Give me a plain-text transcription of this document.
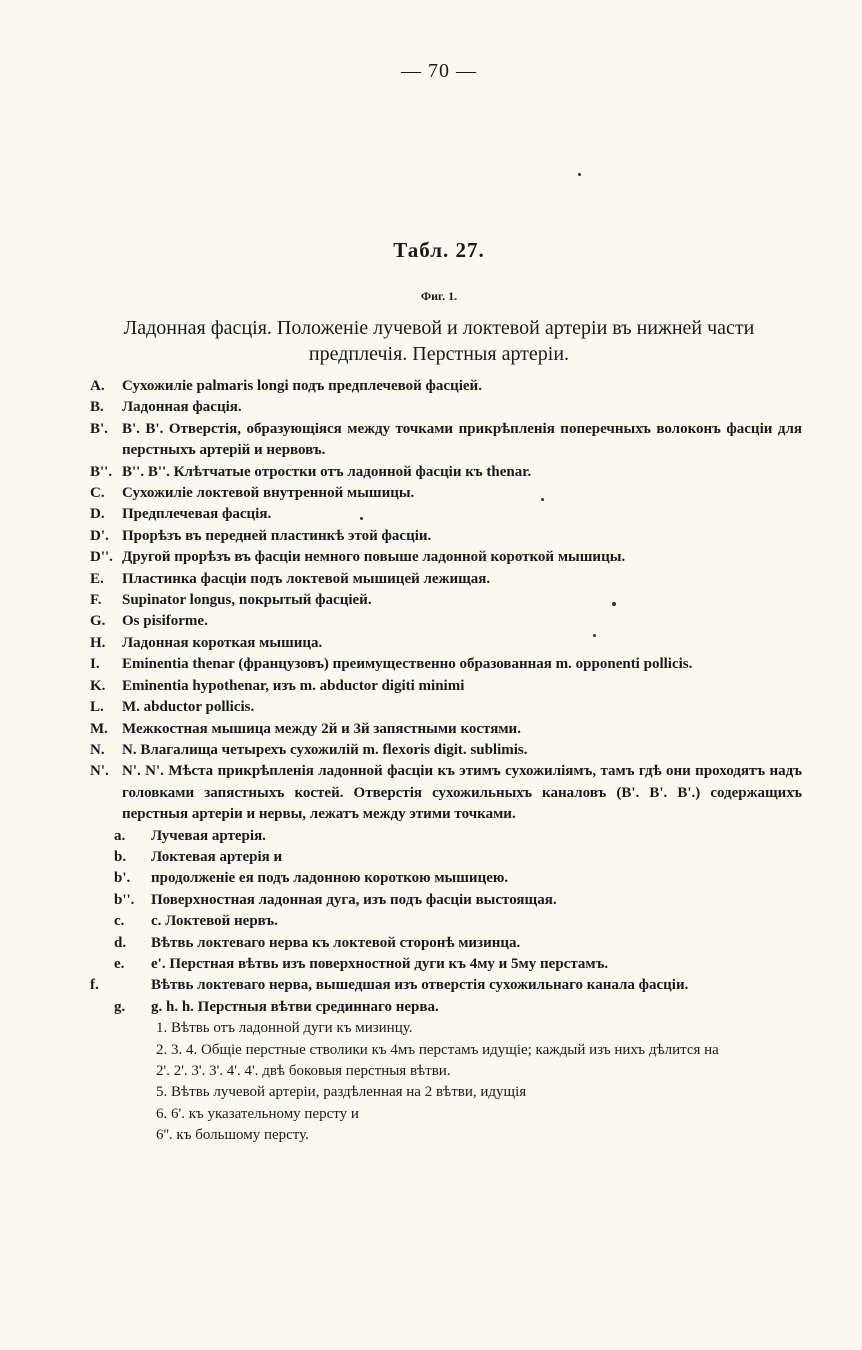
— 70 —
Табл. 27.
Фиг. 1.
Ладонная фасція. Положеніе лучевой и локтевой артеріи въ нижней части предплечія. Перстныя артеріи.
A. Сухожиліе palmaris longi подъ предплечевой фасціей.
B. Ладонная фасція.
B'. B'. B'. Отверстія, образующіяся между точками прикрѣпленія поперечныхъ волоконъ фасціи для перстныхъ артерій и нервовъ.
B''. B''. B''. Клѣтчатые отростки отъ ладонной фасціи къ thenar.
C. Сухожиліе локтевой внутренной мышицы.
D. Предплечевая фасція.
D'. Прорѣзъ въ передней пластинкѣ этой фасціи.
D''. Другой прорѣзъ въ фасціи немного повыше ладонной короткой мышицы.
E. Пластинка фасціи подъ локтевой мышицей лежищая.
F. Supinator longus, покрытый фасціей.
G. Os pisiforme.
H. Ладонная короткая мышица.
I.	Eminentia thenar (французовъ) преимущественно образованная m. opponenti pollicis.
K. Eminentia hypothenar, изъ m. abductor digiti minimi
L. M. abductor pollicis.
M. Межкостная мышица между 2й и 3й запястными костями.
N. N. Влагалища четырехъ сухожилій m. flexoris digit. sublimis.
N'. N'. N'. Мѣста прикрѣпленія ладонной фасціи къ этимъ сухожиліямъ, тамъ гдѣ они проходятъ надъ головками запястныхъ костей. Отверстія сухожильныхъ каналовъ (B'. B'. B'.) содержащихъ перстныя артеріи и нервы, лежатъ между этими точками.
a. Лучевая артерія.
b. Локтевая артерія и
b'. продолженіе ея подъ ладонною короткою мышицею.
b''. Поверхностная ладонная дуга, изъ подъ фасціи выстоящая.
c. c. Локтевой нервъ.
d. Вѣтвь локтеваго нерва къ локтевой сторонѣ мизинца.
e. e'. Перстная вѣтвь изъ поверхностной дуги къ 4му и 5му перстамъ.
f.	Вѣтвь локтеваго нерва, вышедшая изъ отверстія сухожильнаго канала фасціи.
g. g. h. h. Перстныя вѣтви срединнаго нерва.
1. Вѣтвь отъ ладонной дуги къ мизинцу.
2. 3. 4. Общіе перстные стволики къ 4мъ перстамъ идущіе; каждый изъ нихъ дѣлится на
2'. 2'. 3'. 3'. 4'. 4'. двѣ боковыя перстныя вѣтви.
5. Вѣтвь лучевой артеріи, раздѣленная на 2 вѣтви, идущія
6. 6'. къ указательному персту и
6''. къ большому персту.
